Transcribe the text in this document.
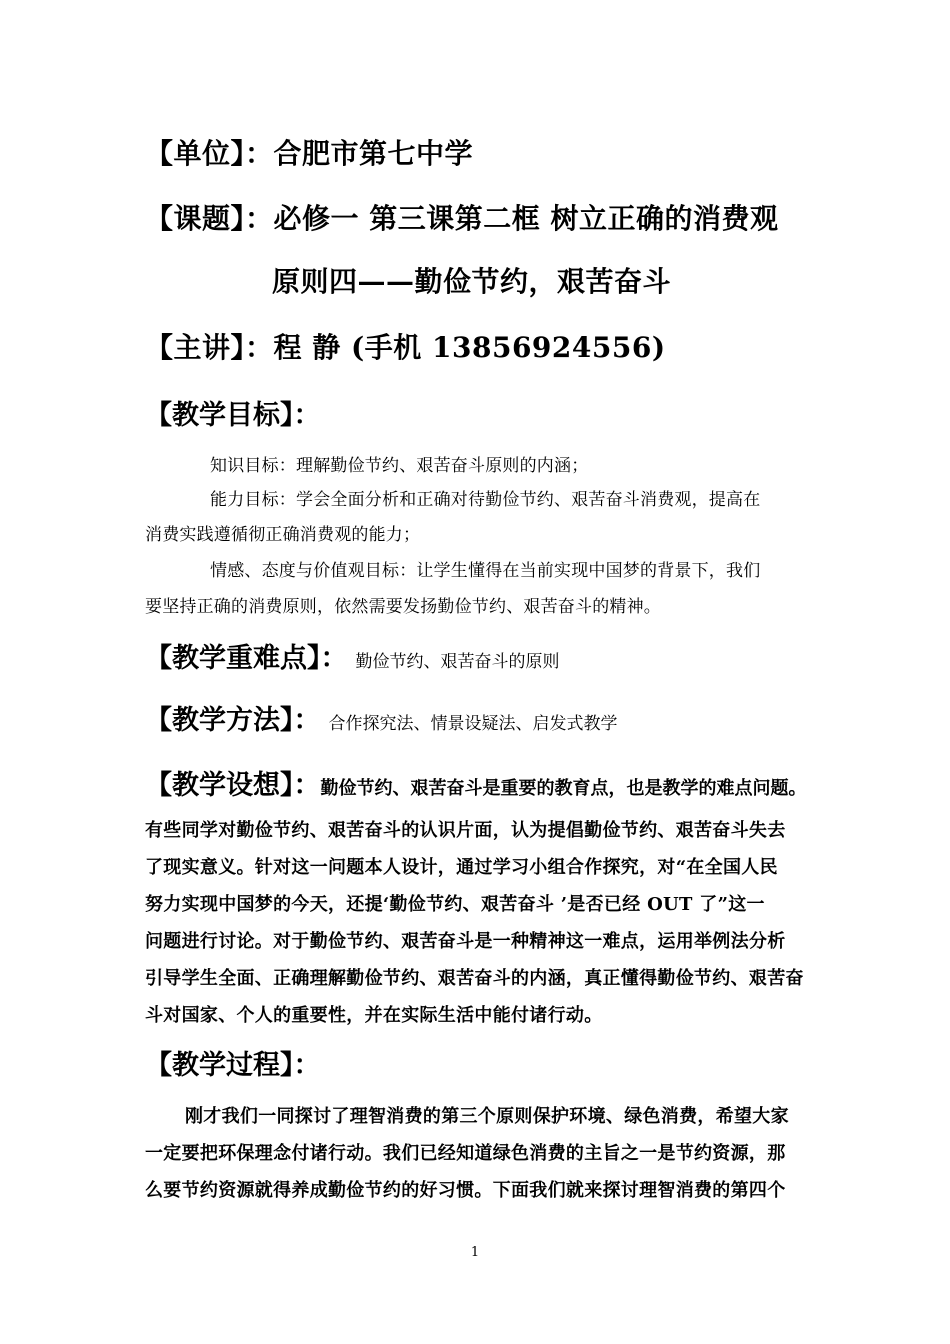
【单位】：合肥市第七中学
【课题】：必修一 第三课第二框 树立正确的消费观
原则四——勤俭节约，艰苦奋斗
【主讲】：程 静 (手机 13856924556)
【教学目标】：
知识目标：理解勤俭节约、艰苦奋斗原则的内涵；
能力目标：学会全面分析和正确对待勤俭节约、艰苦奋斗消费观，提高在
消费实践遵循彻正确消费观的能力；
情感、态度与价值观目标：让学生懂得在当前实现中国梦的背景下，我们
要坚持正确的消费原则，依然需要发扬勤俭节约、艰苦奋斗的精神。
【教学重难点】： 勤俭节约、艰苦奋斗的原则
【教学方法】： 合作探究法、情景设疑法、启发式教学
【教学设想】：勤俭节约、艰苦奋斗是重要的教育点，也是教学的难点问题。
有些同学对勤俭节约、艰苦奋斗的认识片面，认为提倡勤俭节约、艰苦奋斗失去
了现实意义。针对这一问题本人设计，通过学习小组合作探究，对“在全国人民
努力实现中国梦的今天，还提‘勤俭节约、艰苦奋斗 ’是否已经 OUT 了”这一
问题进行讨论。对于勤俭节约、艰苦奋斗是一种精神这一难点，运用举例法分析
引导学生全面、正确理解勤俭节约、艰苦奋斗的内涵，真正懂得勤俭节约、艰苦奋
斗对国家、个人的重要性，并在实际生活中能付诸行动。
【教学过程】：
刚才我们一同探讨了理智消费的第三个原则保护环境、绿色消费，希望大家
一定要把环保理念付诸行动。我们已经知道绿色消费的主旨之一是节约资源，那
么要节约资源就得养成勤俭节约的好习惯。下面我们就来探讨理智消费的第四个
1
